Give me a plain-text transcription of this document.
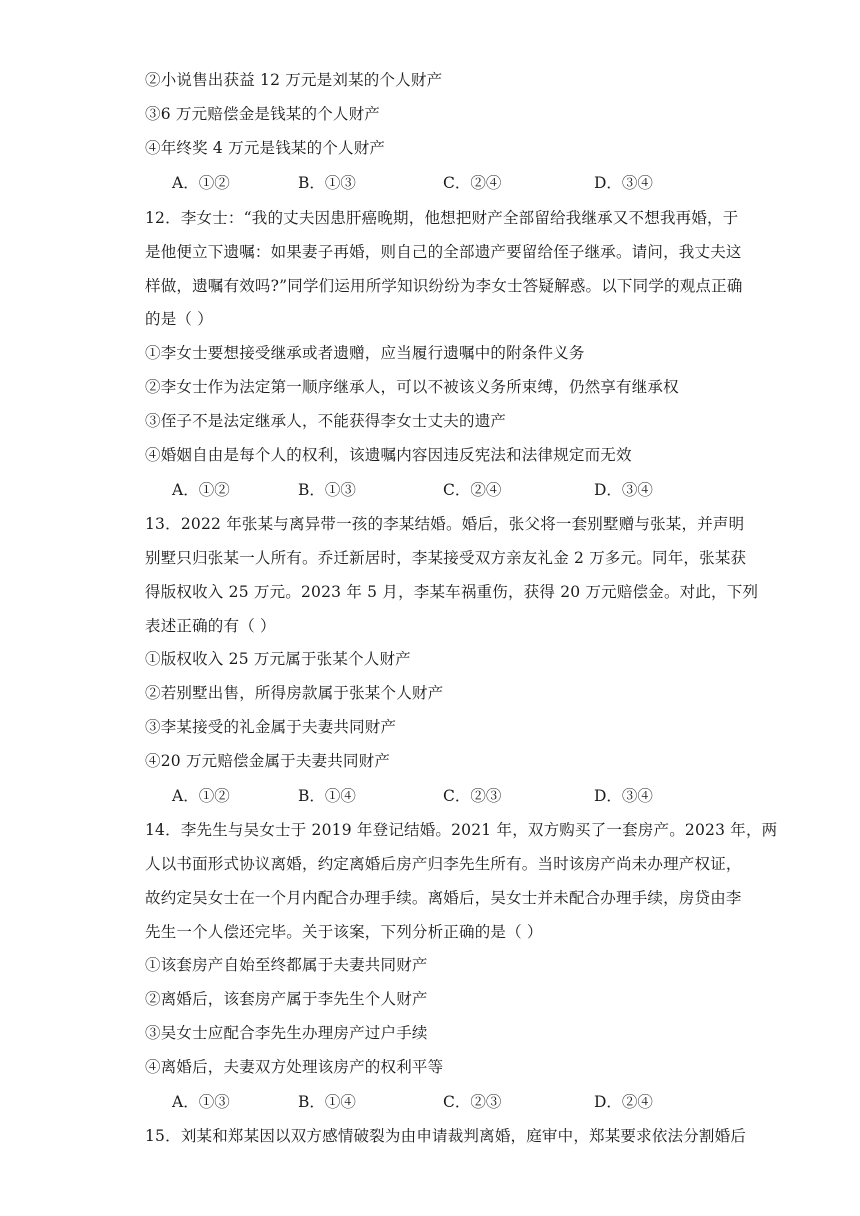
②小说售出获益 12 万元是刘某的个人财产
③6 万元赔偿金是钱某的个人财产
④年终奖 4 万元是钱某的个人财产
A．①②	B．①③	C．②④	D．③④
12．李女士：“我的丈夫因患肝癌晚期，他想把财产全部留给我继承又不想我再婚，于
是他便立下遗嘱：如果妻子再婚，则自己的全部遗产要留给侄子继承。请问，我丈夫这
样做，遗嘱有效吗?”同学们运用所学知识纷纷为李女士答疑解惑。以下同学的观点正确
的是（ ）
①李女士要想接受继承或者遗赠，应当履行遗嘱中的附条件义务
②李女士作为法定第一顺序继承人，可以不被该义务所束缚，仍然享有继承权
③侄子不是法定继承人，不能获得李女士丈夫的遗产
④婚姻自由是每个人的权利，该遗嘱内容因违反宪法和法律规定而无效
A．①②	B．①③	C．②④	D．③④
13．2022 年张某与离异带一孩的李某结婚。婚后，张父将一套别墅赠与张某，并声明
别墅只归张某一人所有。乔迁新居时，李某接受双方亲友礼金 2 万多元。同年，张某获
得版权收入 25 万元。2023 年 5 月，李某车祸重伤，获得 20 万元赔偿金。对此，下列
表述正确的有（ ）
①版权收入 25 万元属于张某个人财产
②若别墅出售，所得房款属于张某个人财产
③李某接受的礼金属于夫妻共同财产
④20 万元赔偿金属于夫妻共同财产
A．①②	B．①④	C．②③	D．③④
14．李先生与吴女士于 2019 年登记结婚。2021 年，双方购买了一套房产。2023 年，两
人以书面形式协议离婚，约定离婚后房产归李先生所有。当时该房产尚未办理产权证，
故约定吴女士在一个月内配合办理手续。离婚后，吴女士并未配合办理手续，房贷由李
先生一个人偿还完毕。关于该案，下列分析正确的是（ ）
①该套房产自始至终都属于夫妻共同财产
②离婚后，该套房产属于李先生个人财产
③吴女士应配合李先生办理房产过户手续
④离婚后，夫妻双方处理该房产的权利平等
A．①③	B．①④	C．②③	D．②④
15．刘某和郑某因以双方感情破裂为由申请裁判离婚，庭审中，郑某要求依法分割婚后
